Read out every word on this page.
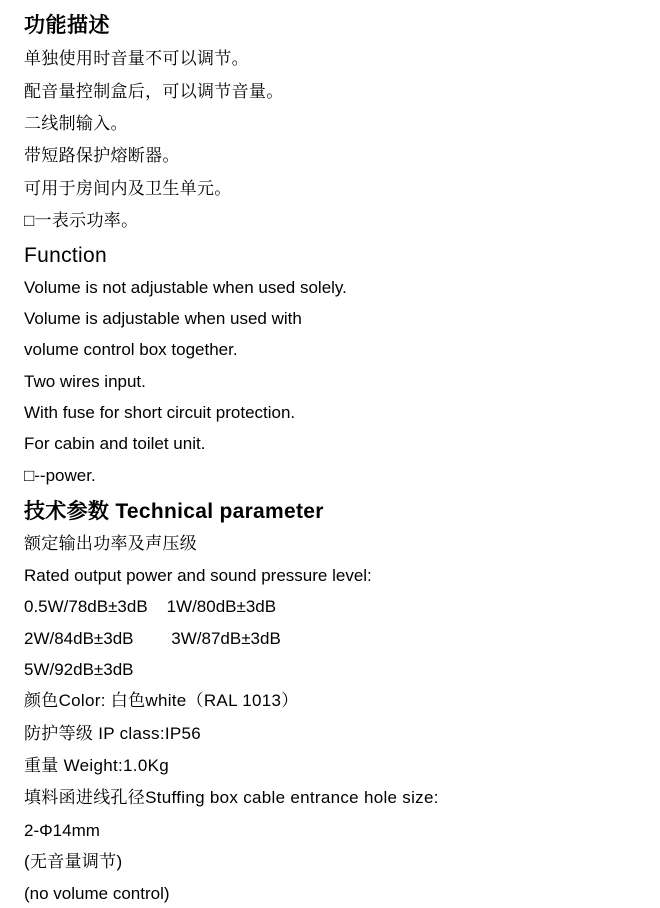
功能描述
单独使用时音量不可以调节。
配音量控制盒后，可以调节音量。
二线制输入。
带短路保护熔断器。
可用于房间内及卫生单元。
□一表示功率。
Function
Volume is not adjustable when used solely.
Volume is adjustable when used with
volume control box together.
Two wires input.
With fuse for short circuit protection.
For cabin and toilet unit.
□--power.
技术参数 Technical parameter
额定输出功率及声压级
Rated output power and sound pressure level:
0.5W/78dB±3dB    1W/80dB±3dB
2W/84dB±3dB        3W/87dB±3dB
5W/92dB±3dB
颜色Color: 白色white（RAL 1013）
防护等级 IP class:IP56
重量 Weight:1.0Kg
填料函进线孔径Stuffing box cable entrance hole size:
2-Φ14mm
(无音量调节)
(no volume control)
